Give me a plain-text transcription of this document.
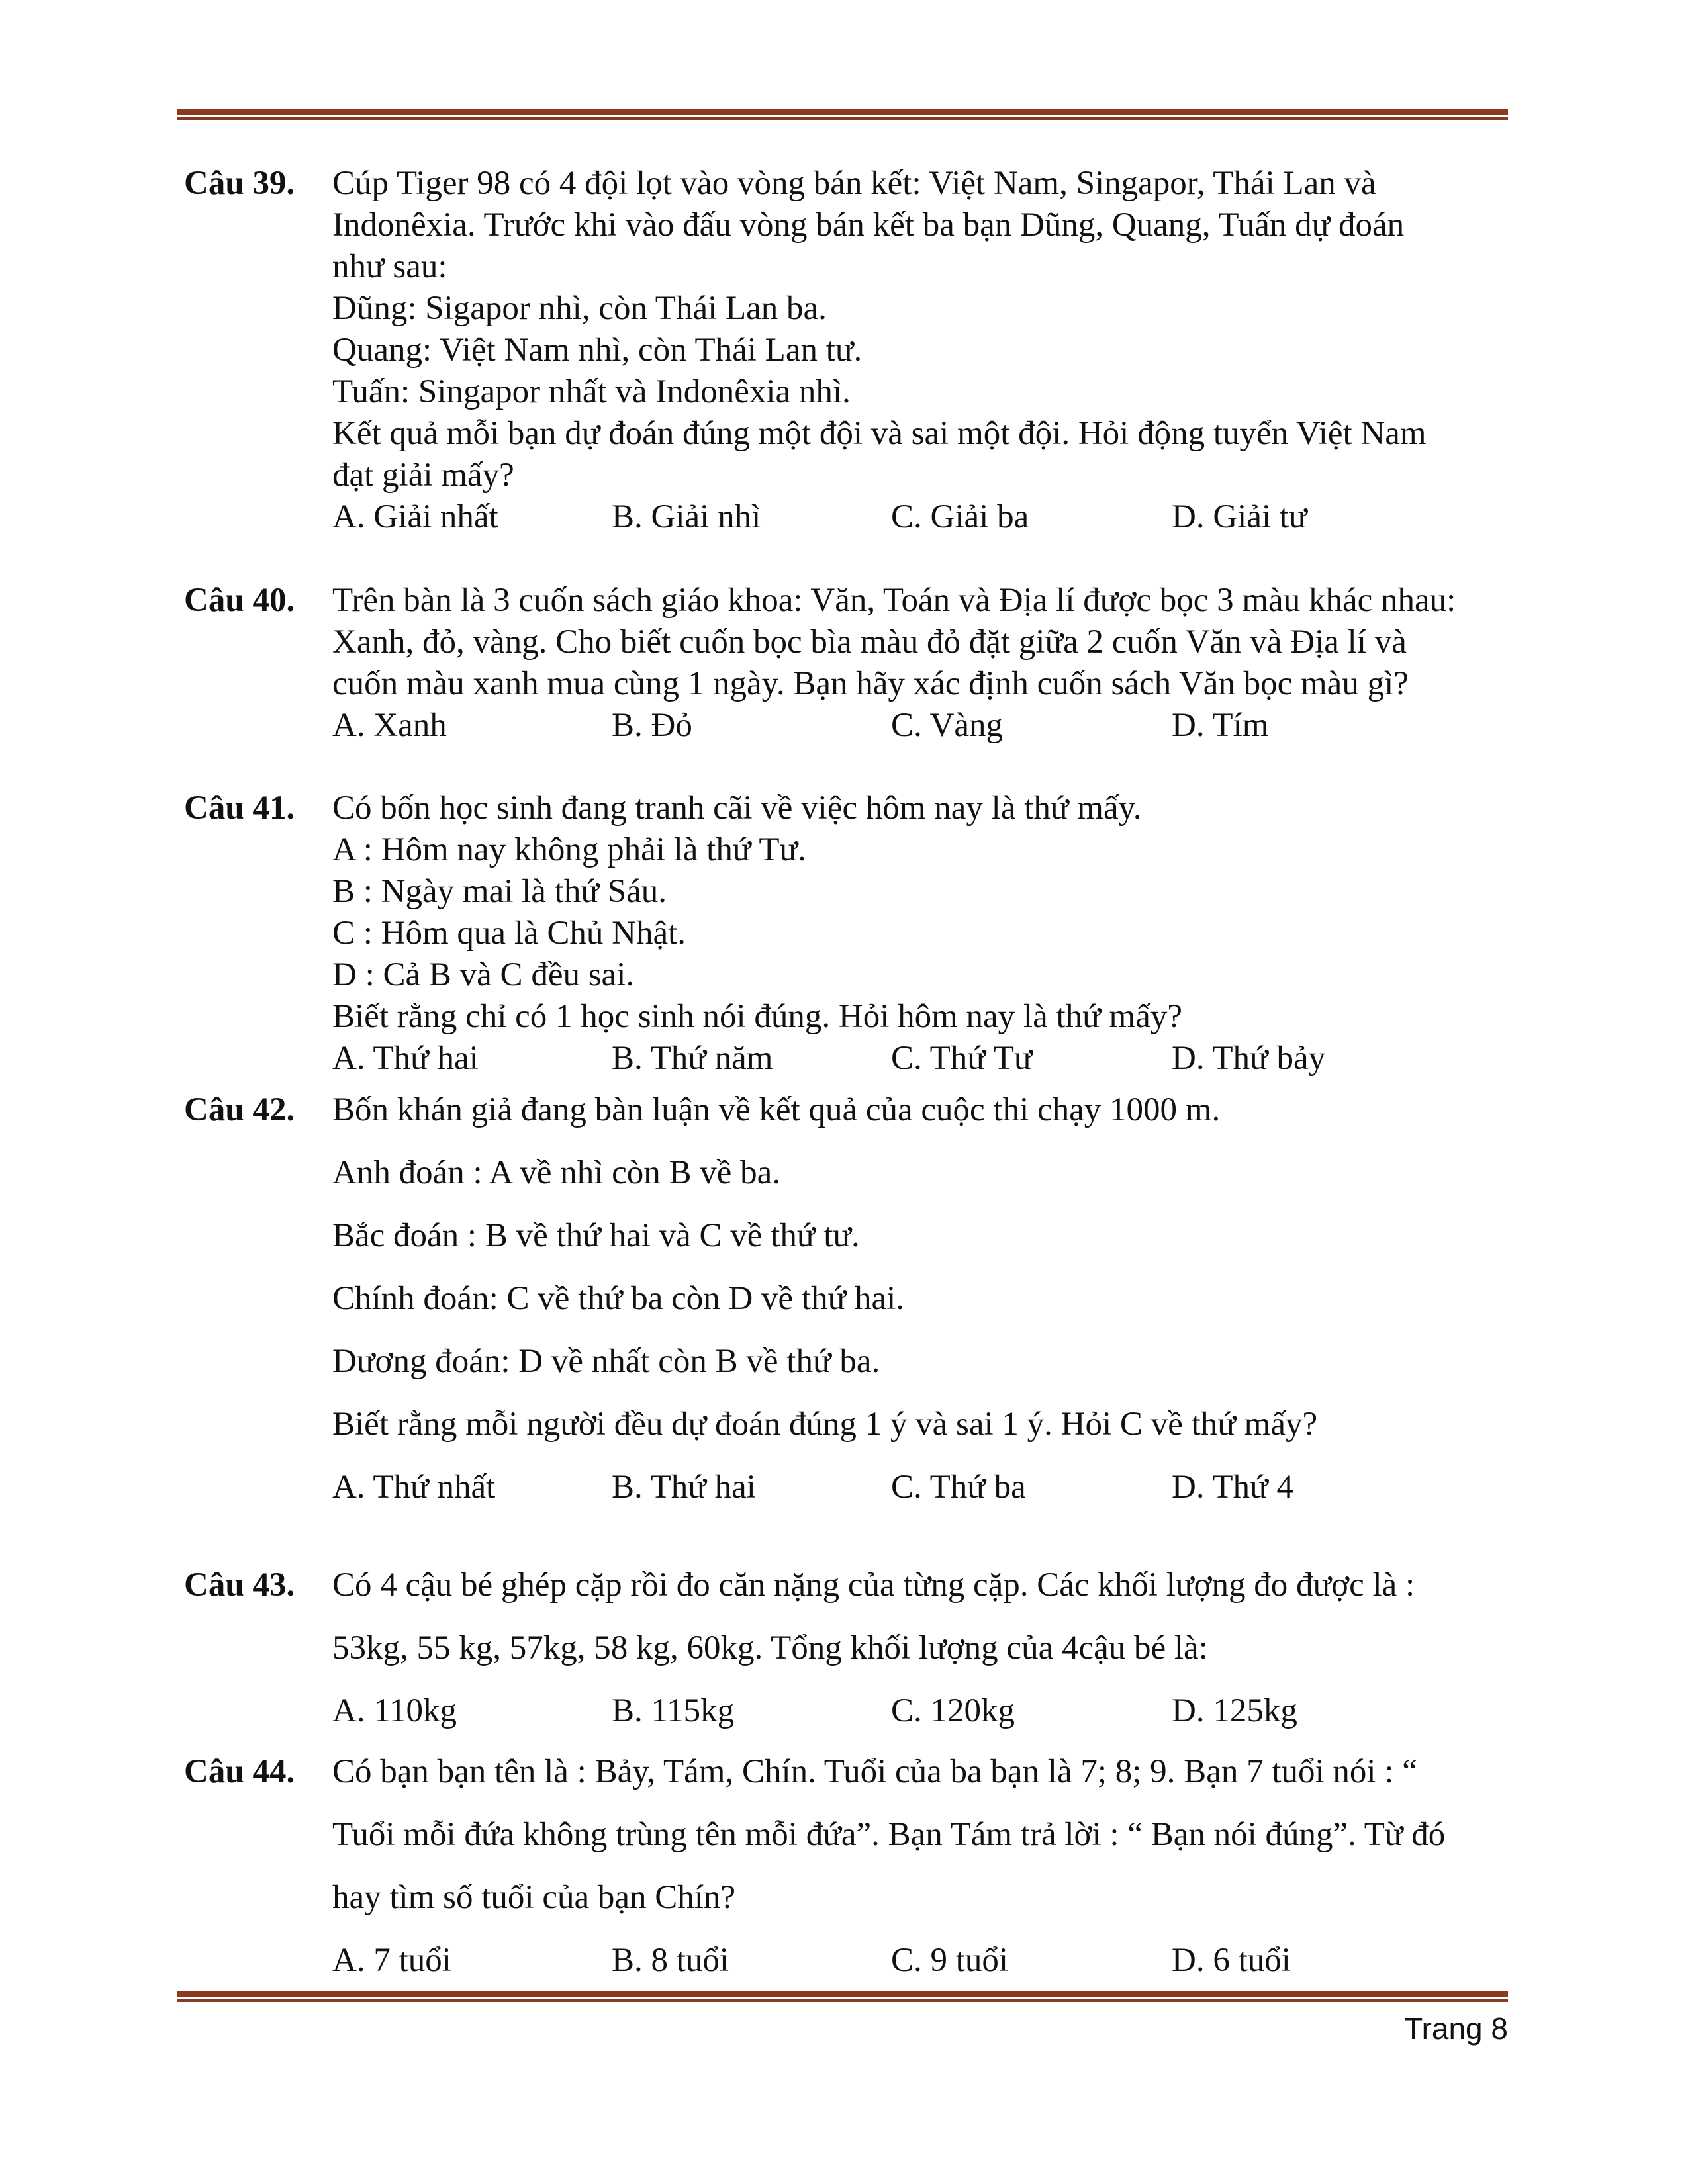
Câu 39. Cúp Tiger 98 có 4 đội lọt vào vòng bán kết: Việt Nam, Singapor, Thái Lan và
Indonêxia. Trước khi vào đấu vòng bán kết ba bạn Dũng, Quang, Tuấn dự đoán
như sau:
Dũng: Sigapor nhì, còn Thái Lan ba.
Quang: Việt Nam nhì, còn Thái Lan tư.
Tuấn: Singapor nhất và Indonêxia nhì.
Kết quả mỗi bạn dự đoán đúng một đội và sai một đội. Hỏi động tuyển Việt Nam
đạt giải mấy?
A. Giải nhất	B. Giải nhì	C. Giải ba	D. Giải tư
Câu 40. Trên bàn là 3 cuốn sách giáo khoa: Văn, Toán và Địa lí được bọc 3 màu khác nhau:
Xanh, đỏ, vàng. Cho biết cuốn bọc bìa màu đỏ đặt giữa 2 cuốn Văn và Địa lí và
cuốn màu xanh mua cùng 1 ngày. Bạn hãy xác định cuốn sách Văn bọc màu gì?
A. Xanh	B. Đỏ	C. Vàng	D. Tím
Câu 41. Có bốn học sinh đang tranh cãi về việc hôm nay là thứ mấy.
A : Hôm nay không phải là thứ Tư.
B : Ngày mai là thứ Sáu.
C : Hôm qua là Chủ Nhật.
D : Cả B và C đều sai.
Biết rằng chỉ có 1 học sinh nói đúng. Hỏi hôm nay là thứ mấy?
A. Thứ hai	B. Thứ năm	C. Thứ Tư	D. Thứ bảy
Câu 42. Bốn khán giả đang bàn luận về kết quả của cuộc thi chạy 1000 m.
Anh đoán : A về nhì còn B về ba.
Bắc đoán : B về thứ hai và C về thứ tư.
Chính đoán: C về thứ ba còn D về thứ hai.
Dương đoán: D về nhất còn B về thứ ba.
Biết rằng mỗi người đều dự đoán đúng 1 ý và sai 1 ý. Hỏi C về thứ mấy?
A. Thứ nhất	B. Thứ hai	C. Thứ ba	D. Thứ 4
Câu 43. Có 4 cậu bé ghép cặp rồi đo căn nặng của từng cặp. Các khối lượng đo được là :
53kg, 55 kg, 57kg, 58 kg, 60kg. Tổng khối lượng của 4cậu bé là:
A. 110kg	B. 115kg	C. 120kg	D. 125kg
Câu 44. Có bạn bạn tên là : Bảy, Tám, Chín. Tuổi của ba bạn là 7; 8; 9. Bạn 7 tuổi nói : “
Tuổi mỗi đứa không trùng tên mỗi đứa”. Bạn Tám trả lời : “ Bạn nói đúng”. Từ đó
hay tìm số tuổi của bạn Chín?
A. 7 tuổi	B. 8 tuổi	C. 9 tuổi	D. 6 tuổi
Trang 8
